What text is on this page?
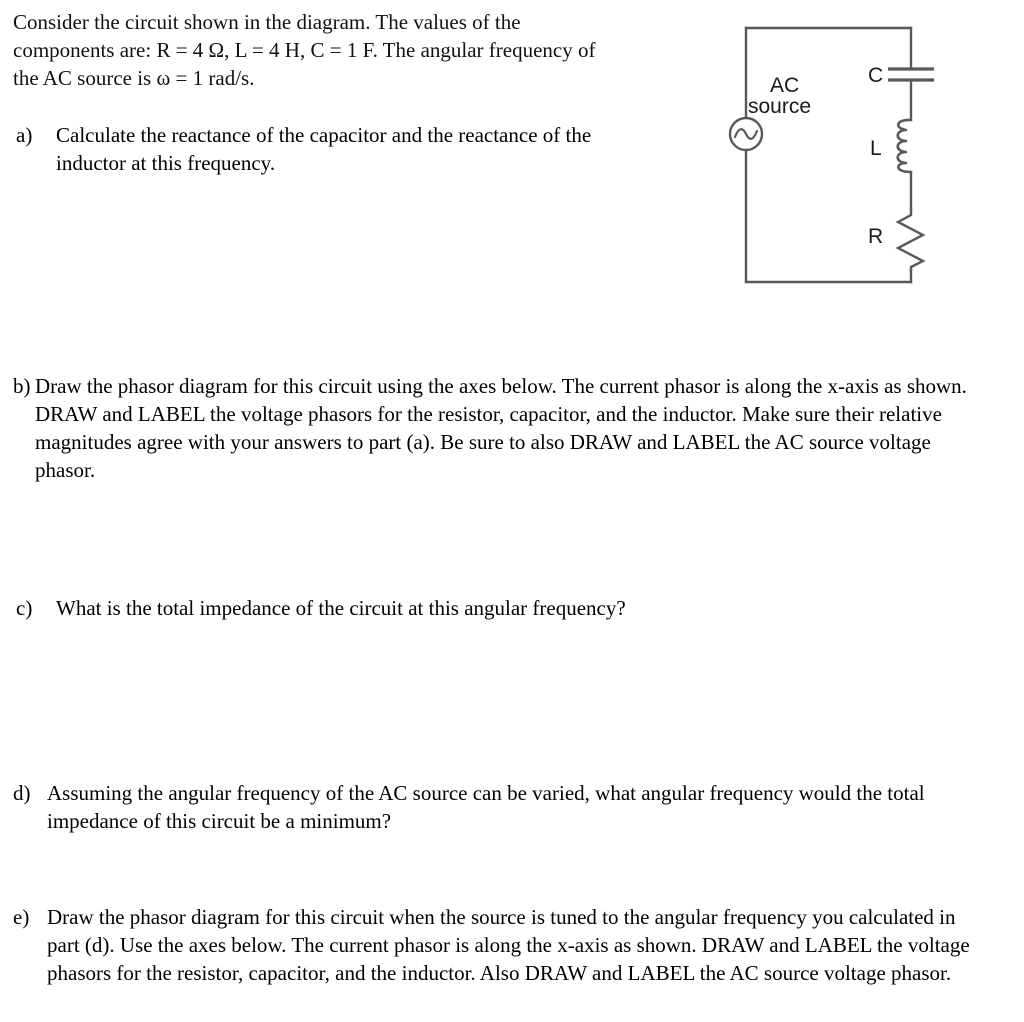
Consider the circuit shown in the diagram. The values of the components are: R = 4 Ω, L = 4 H, C = 1 F. The angular frequency of the AC source is ω = 1 rad/s.	AC
source
C
L
R
a)	Calculate the reactance of the capacitor and the reactance of the inductor at this frequency.
b) Draw the phasor diagram for this circuit using the axes below. The current phasor is along the x-axis as shown. DRAW and LABEL the voltage phasors for the resistor, capacitor, and the inductor. Make sure their relative magnitudes agree with your answers to part (a). Be sure to also DRAW and LABEL the AC source voltage phasor.
c)	What is the total impedance of the circuit at this angular frequency?
d) Assuming the angular frequency of the AC source can be varied, what angular frequency would the total impedance of this circuit be a minimum?
e) Draw the phasor diagram for this circuit when the source is tuned to the angular frequency you calculated in part (d). Use the axes below. The current phasor is along the x-axis as shown. DRAW and LABEL the voltage phasors for the resistor, capacitor, and the inductor. Also DRAW and LABEL the AC source voltage phasor.
